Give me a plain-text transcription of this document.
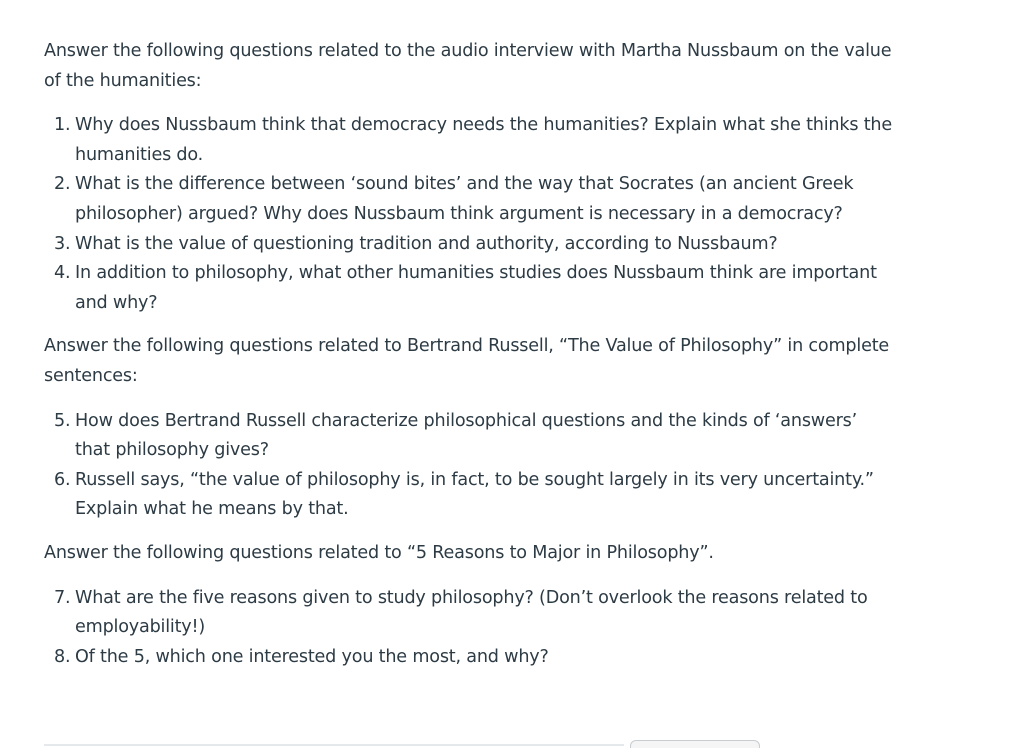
Answer the following questions related to the audio interview with Martha Nussbaum on the value of the humanities:

1. Why does Nussbaum think that democracy needs the humanities? Explain what she thinks the humanities do.
2. What is the difference between ‘sound bites’ and the way that Socrates (an ancient Greek philosopher) argued? Why does Nussbaum think argument is necessary in a democracy?
3. What is the value of questioning tradition and authority, according to Nussbaum?
4. In addition to philosophy, what other humanities studies does Nussbaum think are important and why?

Answer the following questions related to Bertrand Russell, “The Value of Philosophy” in complete sentences:

5. How does Bertrand Russell characterize philosophical questions and the kinds of ‘answers’ that philosophy gives?
6. Russell says, “the value of philosophy is, in fact, to be sought largely in its very uncertainty.” Explain what he means by that.

Answer the following questions related to “5 Reasons to Major in Philosophy”.

7. What are the five reasons given to study philosophy? (Don’t overlook the reasons related to employability!)
8. Of the 5, which one interested you the most, and why?
